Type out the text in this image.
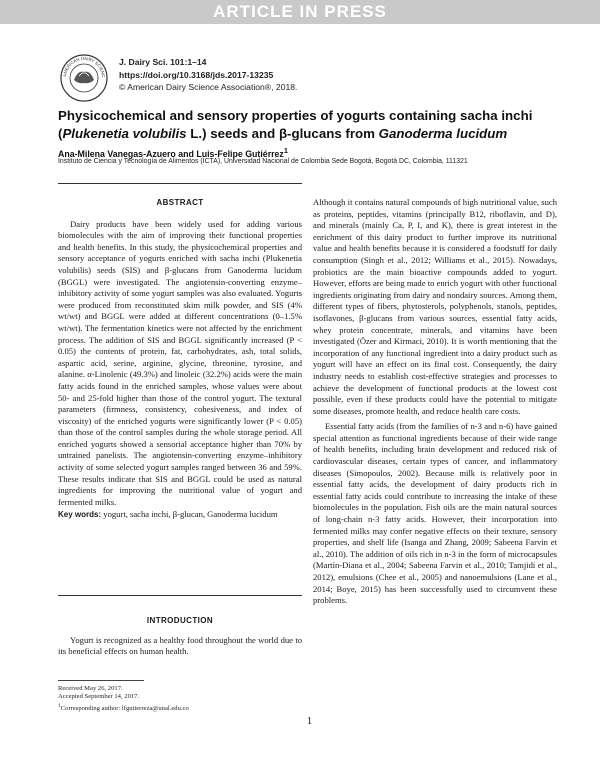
ARTICLE IN PRESS
AMERICAN DAIRY SCIENC
J. Dairy Sci. 101:1–14
https://doi.org/10.3168/jds.2017-13235
© American Dairy Science Association®, 2018.
Physicochemical and sensory properties of yogurts containing sacha inchi
(Plukenetia volubilis L.) seeds and β-glucans from Ganoderma lucidum
Ana-Milena Vanegas-Azuero and Luis-Felipe Gutiérrez$^1$
Instituto de Ciencia y Tecnología de Alimentos (ICTA), Universidad Nacional de Colombia Sede Bogotá, Bogotá DC, Colombia, 111321
ABSTRACT

Dairy products have been widely used for adding various biomolecules with the aim of improving their functional properties and health benefits. In this study, the physicochemical properties and sensory acceptance of yogurts enriched with sacha inchi (Plukenetia volubilis) seeds (SIS) and β-glucans from Ganoderma lucidum (BGGL) were investigated. The angiotensin-converting enzyme–inhibitory activity of some yogurt samples was also evaluated. Yogurts were produced from reconstituted skim milk powder, and SIS (4% wt/wt) and BGGL were added at different concentrations (0–1.5% wt/wt). The fermentation kinetics were not affected by the enrichment process. The addition of SIS and BGGL significantly increased (P < 0.05) the contents of protein, fat, carbohydrates, ash, total solids, aspartic acid, serine, arginine, glycine, threonine, tyrosine, and alanine. α-Linolenic (49.3%) and linoleic (32.2%) acids were the main fatty acids found in the enriched samples, whose values were about 50- and 25-fold higher than those of the control yogurt. The textural parameters (firmness, consistency, cohesiveness, and index of viscosity) of the enriched yogurts were significantly lower (P < 0.05) than those of the control samples during the whole storage period. All enriched yogurts showed a sensorial acceptance higher than 70% by untrained panelists. The angiotensin-converting enzyme–inhibitory activity of some selected yogurt samples ranged between 36 and 59%. These results indicate that SIS and BGGL could be used as natural ingredients for improving the nutritional value of yogurt and fermented milks.

Key words: yogurt, sacha inchi, β-glucan, Ganoderma lucidum

INTRODUCTION

Yogurt is recognized as a healthy food throughout the world due to its beneficial effects on human health.

Although it contains natural compounds of high nutritional value, such as proteins, peptides, vitamins (principally B12, riboflavin, and D), and minerals (mainly Ca, P, I, and K), there is great interest in the enrichment of this dairy product to further improve its nutritional value and health benefits because it is considered a foodstuff for daily consumption (Singh et al., 2012; Williams et al., 2015). Nowadays, probiotics are the main bioactive compounds added to yogurt. However, efforts are being made to enrich yogurt with other functional ingredients originating from dairy and nondairy sources. Among them, different types of fibers, phytosterols, polyphenols, stanols, peptides, isoflavones, β-glucans from various sources, essential fatty acids, whey protein concentrate, minerals, and vitamins have been investigated (Özer and Kirmaci, 2010). It is worth mentioning that the incorporation of any functional ingredient into a dairy product such as yogurt will have an effect on its final cost. Consequently, the dairy industry needs to establish cost-effective strategies and processes to achieve the development of functional products at the lowest cost possible, even if these products could have the potential to mitigate some diseases, promote health, and reduce health care costs.

Essential fatty acids (from the families of n-3 and n-6) have gained special attention as functional ingredients because of their wide range of health benefits, including brain development and reduced risk of cardiovascular diseases, certain types of cancer, and inflammatory diseases (Simopoulos, 2002). Because milk is relatively poor in essential fatty acids, the development of dairy products rich in essential fatty acids could contribute to increasing the intake of these biomolecules in the population. Fish oils are the main natural sources of long-chain n-3 fatty acids. However, their incorporation into fermented milks may confer negative effects on their texture, sensory properties, and shelf life (Isanga and Zhang, 2009; Sabeena Farvin et al., 2010). The addition of oils rich in n-3 in the form of microcapsules (Martín-Diana et al., 2004; Sabeena Farvin et al., 2010; Tamjidi et al., 2012), emulsions (Chee et al., 2005) and nanoemulsions (Lane et al., 2014; Boye, 2015) has been successfully used to circumvent these problems.

Received May 26, 2017.
Accepted September 14, 2017.
$^1$Corresponding author: lfgutierreza@unal.edu.co
1
